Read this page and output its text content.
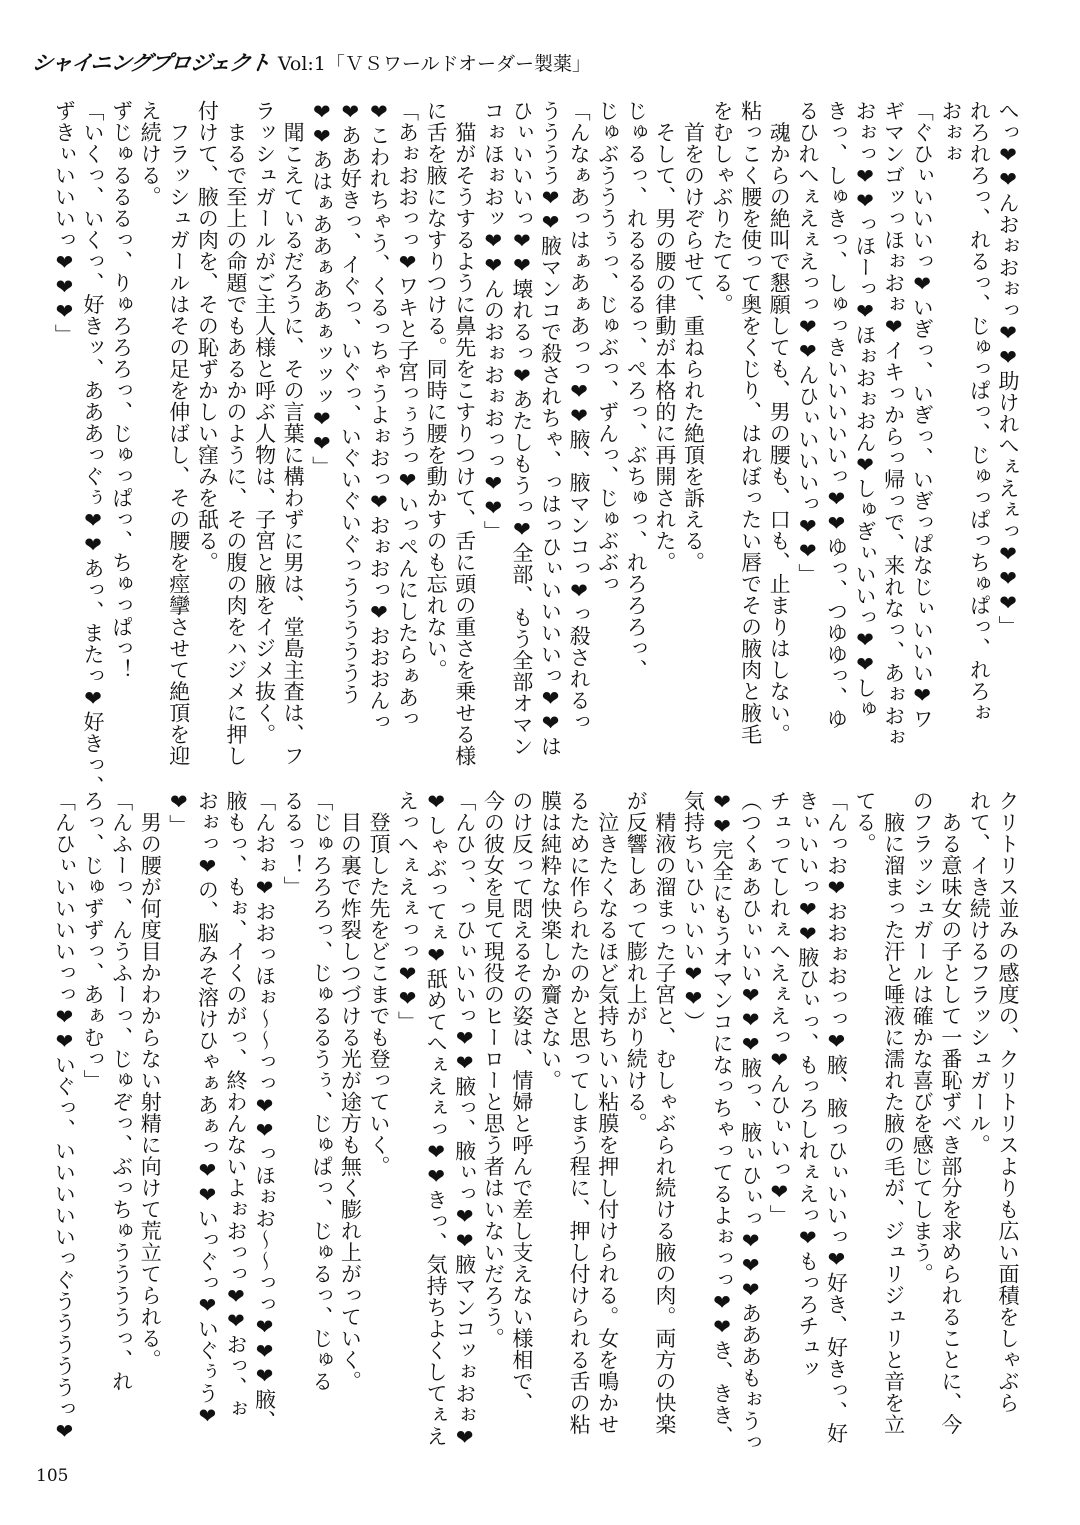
シャイニングプロジェクト Vol:1「ＶＳワールドオーダー製薬」
へっ❤❤んおぉおぉっ❤❤助けれへぇえぇっ❤❤❤」
れろれろっ、れるっ、じゅっぱっ、じゅっぱっちゅぱっ、れろぉ
おぉぉ
「ぐひぃいいいっ❤いぎっ、いぎっ、いぎっぱなじぃいいい❤ワ
ギマンゴッっほぉおぉ❤イキっからっ帰っで、来れなっ、あぉおぉ
おぉっ❤❤っほーっ❤ほぉおぉおん❤しゅぎぃいいっ❤❤しゅ
きっ、しゅきっ、しゅっきいいいいいっ❤❤ゆっ、つゆゆっ、ゆ
るひれへぇえぇえっっ❤❤んひぃいいいっ❤❤」
　魂からの絶叫で懇願しても、男の腰も、口も、止まりはしない。
粘っこく腰を使って奥をくじり、はれぼったい唇でその腋肉と腋毛
をむしゃぶりたてる。
　首をのけぞらせて、重ねられた絶頂を訴える。
　そして、男の腰の律動が本格的に再開された。
じゅるっ、れるるるるっ、ぺろっ、ぶちゅっ、れろろろっ、
じゅぶうううぅっ、じゅぶっ、ずんっ、じゅぶぶっ
「んなぁあっはぁあぁあっっ❤❤腋、腋マンコっ❤っ殺されるっ
うううう❤❤腋マンコで殺されちゃ、っはっひぃいいいいっ❤❤は
ひぃいいいっ❤❤壊れるっ❤あたしもうっ❤全部、もう全部オマン
コぉほぉおッ❤❤んのおぉおぉおっっ❤❤」
　猫がそうするように鼻先をこすりつけて、舌に頭の重さを乗せる様
に舌を腋になすりつける。同時に腰を動かすのも忘れない。
「あぉおおっっ❤ワキと子宮っぅうっ❤いっぺんにしたらぁあっ
❤こわれちゃう、くるっちゃうよぉおっ❤おぉおっ❤おおおんっ
❤ああ好きっ、イぐっ、いぐっ、いぐいぐいぐっうううううう
❤❤あはぁああぁああぁッッッ❤❤」
　聞こえているだろうに、その言葉に構わずに男は、堂島主査は、フ
ラッシュガールがご主人様と呼ぶ人物は、子宮と腋をイジメ抜く。
　まるで至上の命題でもあるかのように、その腹の肉をハジメに押し
付けて、腋の肉を、その恥ずかしい窪みを舐る。
　フラッシュガールはその足を伸ばし、その腰を痙攣させて絶頂を迎
え続ける。
ずじゅるるるっ、りゅろろろっ、じゅっぱっ、ちゅっぱっ！
「いくっ、いくっ、好きッ、あああっぐぅ❤❤あっ、またっ❤好きっ、
ずきぃいいいっ❤❤❤」
クリトリス並みの感度の、クリトリスよりも広い面積をしゃぶら
れて、イき続けるフラッシュガール。
　ある意味女の子として一番恥ずべき部分を求められることに、今
のフラッシュガールは確かな喜びを感じてしまう。
　腋に溜まった汗と唾液に濡れた腋の毛が、ジュリジュリと音を立
てる。
「んっお❤おおぉおっっ❤腋、腋っひぃいいっ❤好き、好きっ、好
きぃいいっ❤❤腋ひぃっ、もっろしれぇえっ❤もっろチュッ
チュってしれぇへえぇえっ❤んひぃいっ❤」
（つくぁあひぃいい❤❤❤腋っ、腋ぃひぃっ❤❤❤あああもぉうっ
❤❤完全にもうオマンコになっちゃってるよぉっっ❤❤き、きき、
気持ちいひぃいい❤❤）
　精液の溜まった子宮と、むしゃぶられ続ける腋の肉。両方の快楽
が反響しあって膨れ上がり続ける。
　泣きたくなるほど気持ちいい粘膜を押し付けられる。女を鳴かせ
るために作られたのかと思ってしまう程に、押し付けられる舌の粘
膜は純粋な快楽しか齎さない。
のけ反って悶えるその姿は、情婦と呼んで差し支えない様相で、
今の彼女を見て現役のヒーローと思う者はいないだろう。
「んひっ、っひぃいいっ❤❤腋っ、腋ぃっ❤❤腋マンコッぉおぉ❤
❤しゃぶってぇ❤舐めてへぇえぇっ❤❤きっ、気持ちよくしてぇえ
えっへぇえぇっっ❤❤」
　登頂した先をどこまでも登っていく。
　目の裏で炸裂しつづける光が途方も無く膨れ上がっていく。
「じゅろろろっ、じゅるるうぅ、じゅぱっ、じゅるっ、じゅる
るるっ！」
「んおぉ❤おおっほぉ〜〜っっ❤❤っほぉお〜〜っっ❤❤❤腋、
腋もっ、もぉ、イくのがっ、終わんないよぉおっっ❤❤おっ、ぉ
おぉっ❤の、脳みそ溶けひゃぁあぁっ❤❤いっぐっ❤いぐぅう❤
❤」
　男の腰が何度目かわからない射精に向けて荒立てられる。
「んふーっ、んうふーっ、じゅぞっ、ぶっちゅううううっ、れ
ろっ、じゅずずっ、あぁむっ」
「んひぃいいいいっっ❤❤いぐっ、いいいいいっぐうううううっ❤
105
